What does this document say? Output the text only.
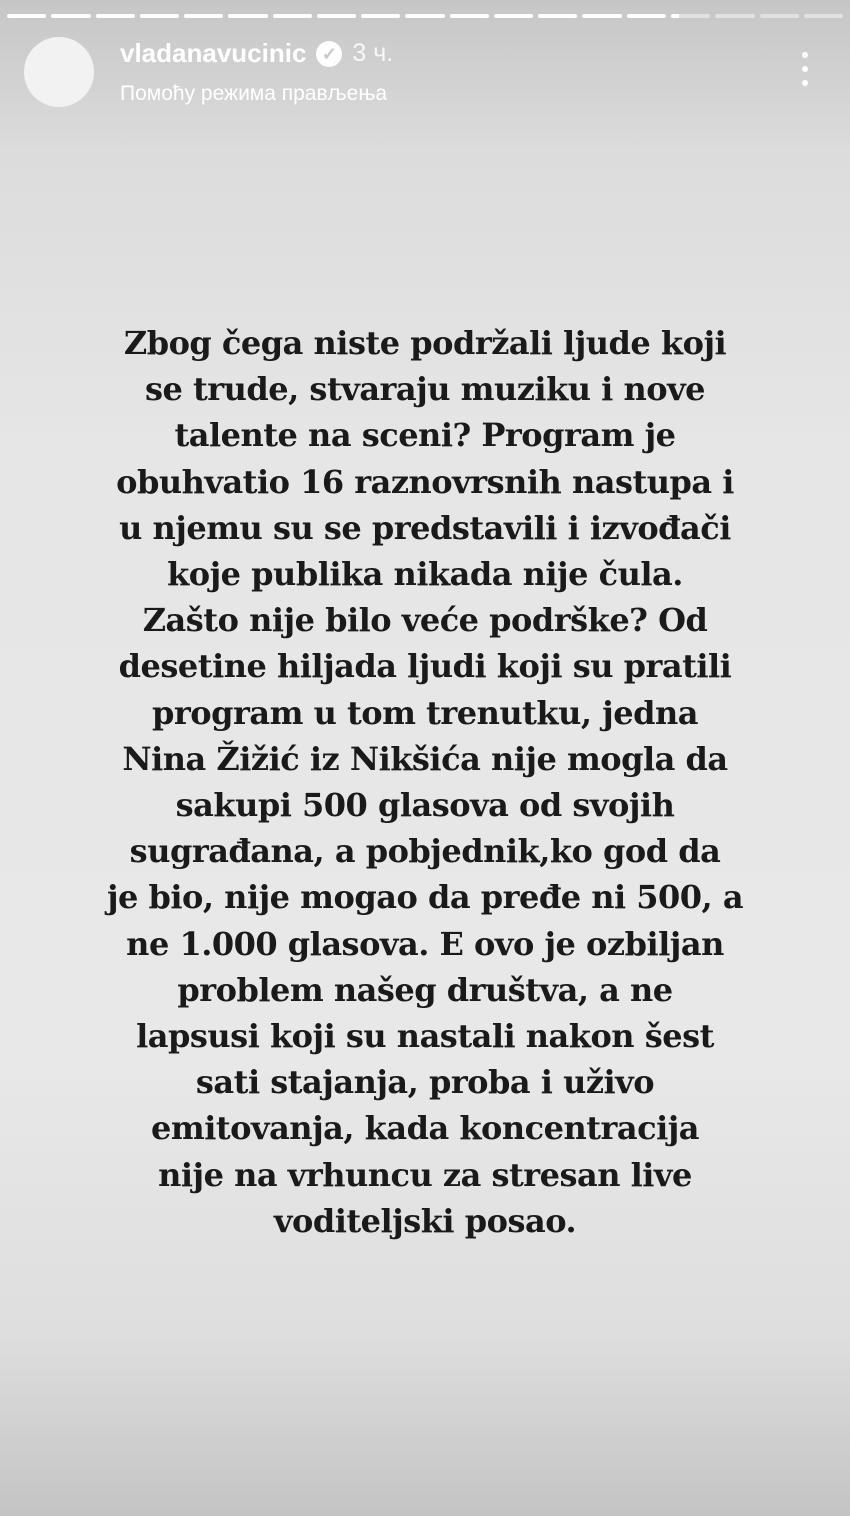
vladanavucinic ✓ 3 ч.
Помоћу режима прављења
Zbog čega niste podržali ljude koji
se trude, stvaraju muziku i nove
talente na sceni? Program je
obuhvatio 16 raznovrsnih nastupa i
u njemu su se predstavili i izvođači
koje publika nikada nije čula.
Zašto nije bilo veće podrške? Od
desetine hiljada ljudi koji su pratili
program u tom trenutku, jedna
Nina Žižić iz Nikšića nije mogla da
sakupi 500 glasova od svojih
sugrađana, a pobjednik,ko god da
je bio, nije mogao da pređe ni 500, a
ne 1.000 glasova. E ovo je ozbiljan
problem našeg društva, a ne
lapsusi koji su nastali nakon šest
sati stajanja, proba i uživo
emitovanja, kada koncentracija
nije na vrhuncu za stresan live
voditeljski posao.
